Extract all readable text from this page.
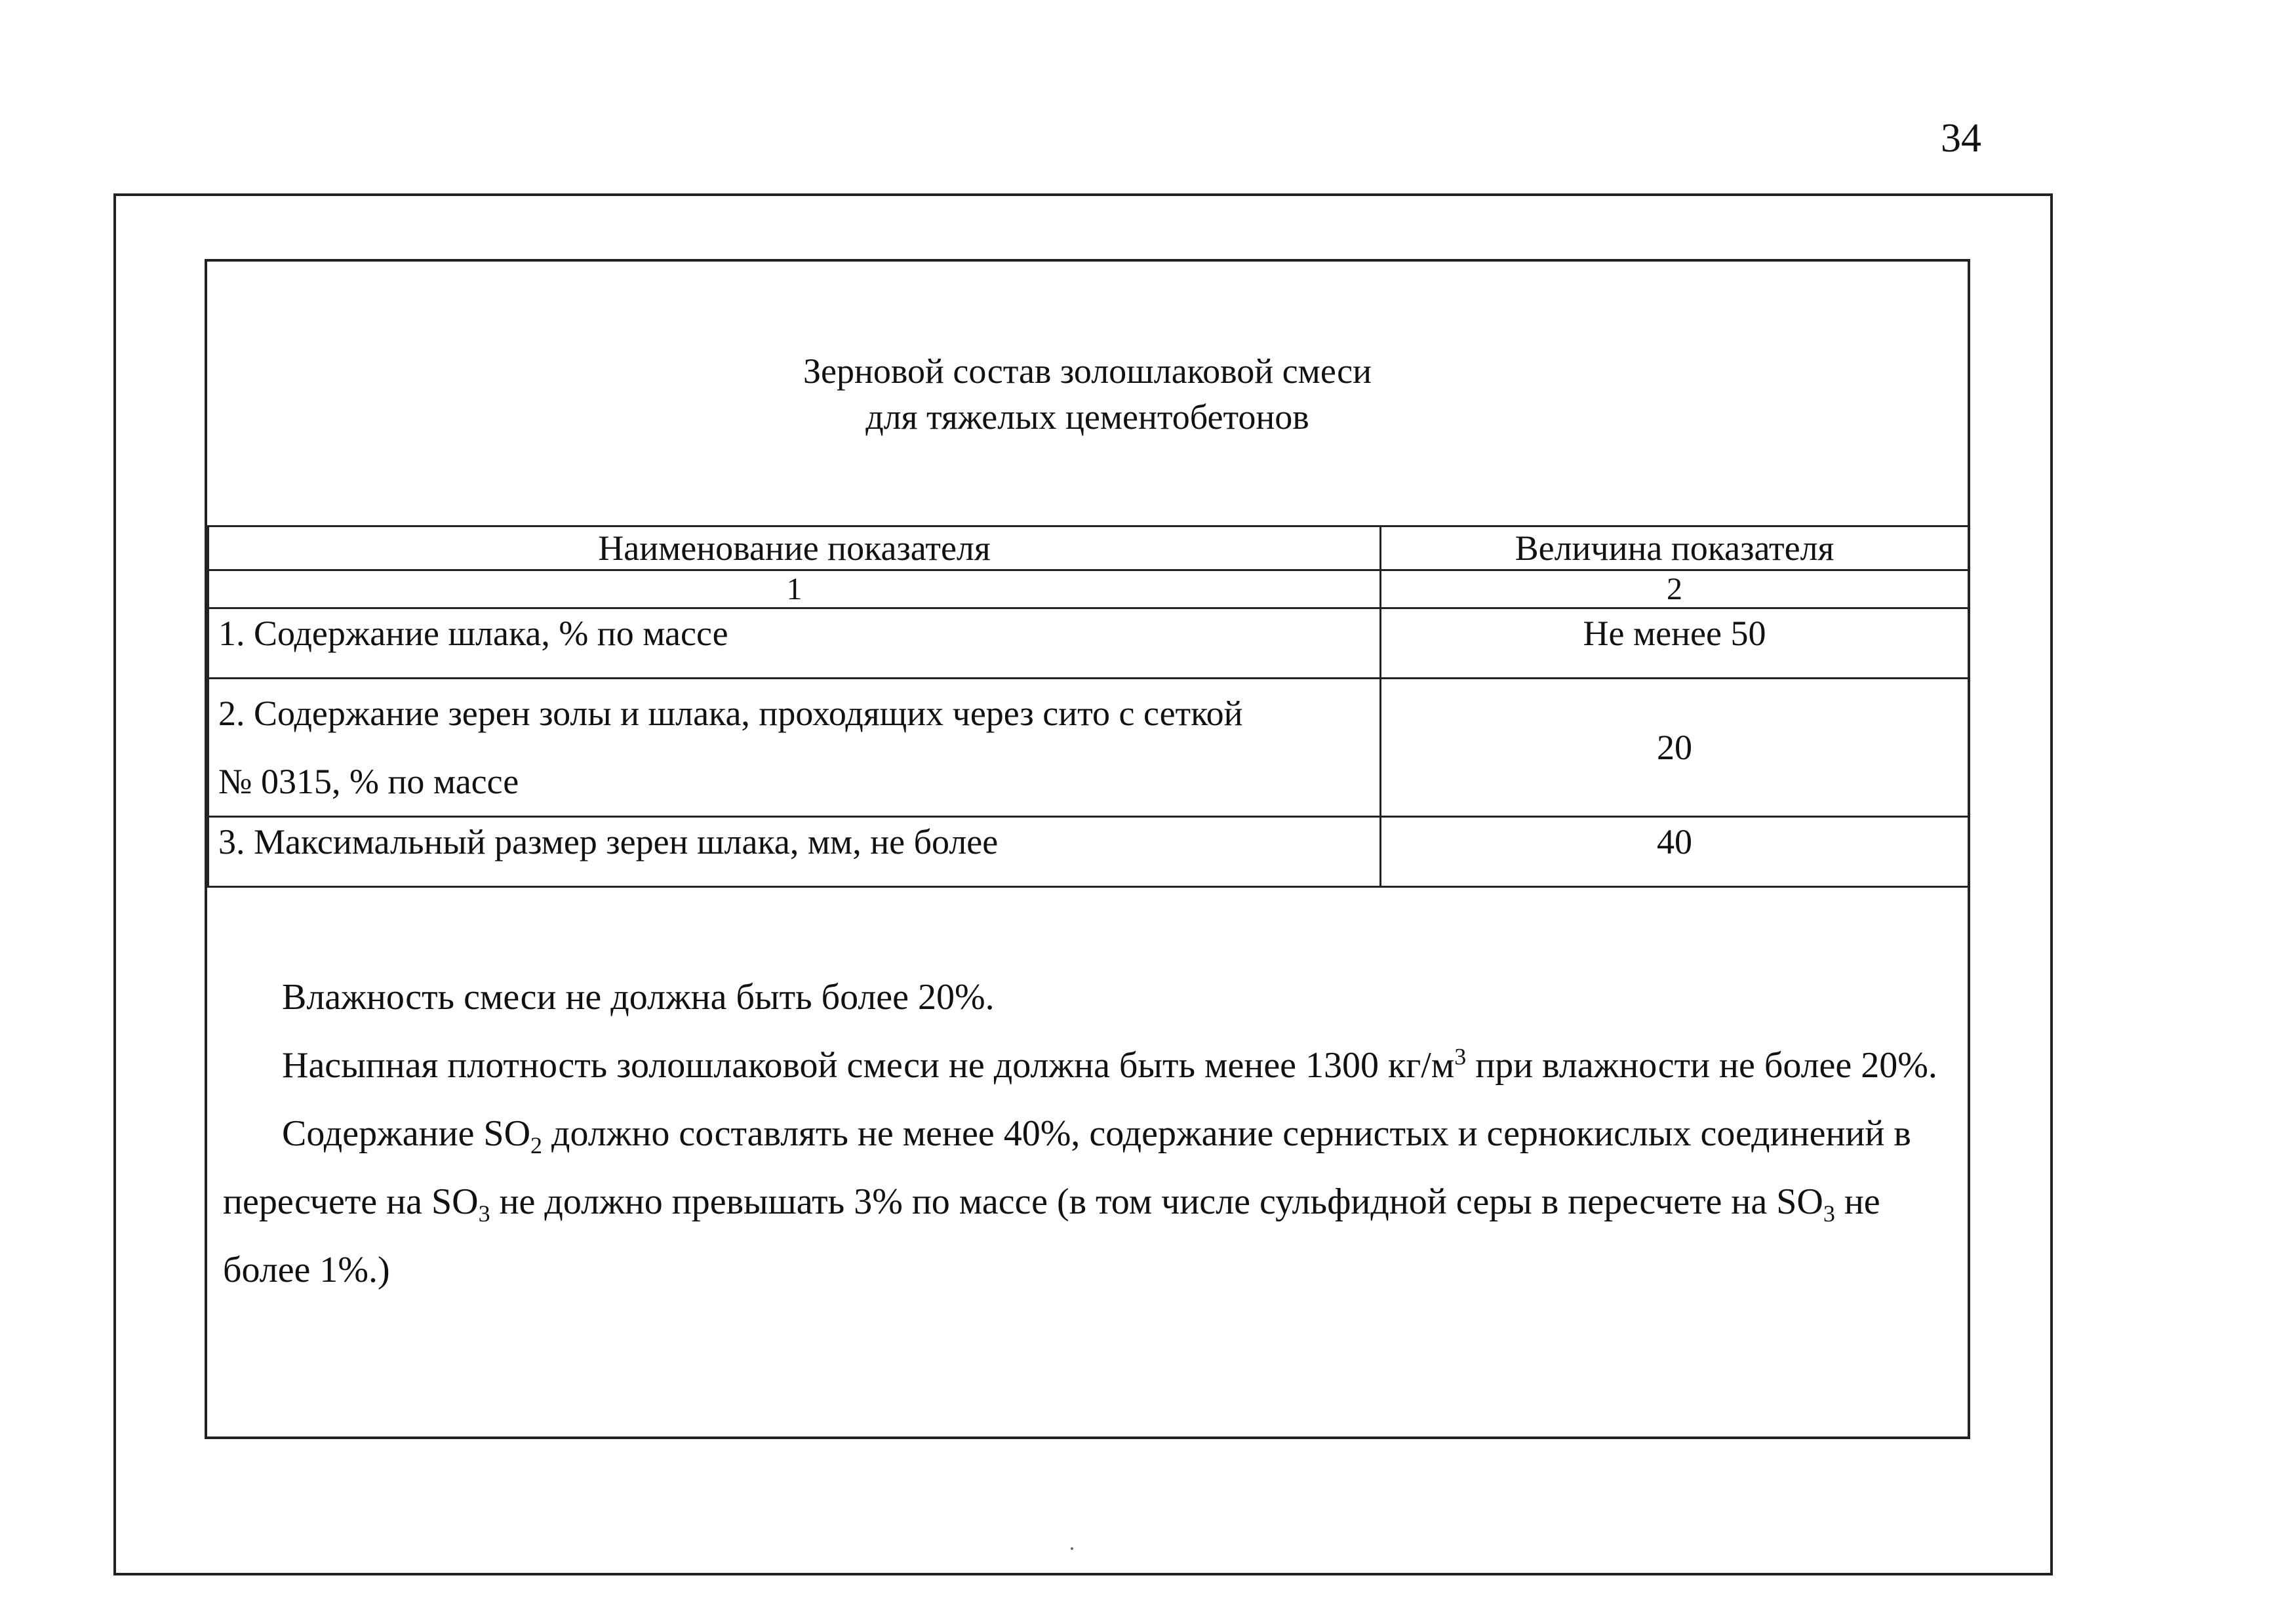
34
Зерновой состав золошлаковой смеси
для тяжелых цементобетонов
Наименование показателя	Величина показателя
1	2
1. Содержание шлака, % по массе	Не менее 50
2. Содержание зерен золы и шлака, проходящих через сито с сеткой
№ 0315, % по массе	20
3. Максимальный размер зерен шлака, мм, не более	40

Влажность смеси не должна быть более 20%.

Насыпная плотность золошлаковой смеси не должна быть менее 1300 $кг/м^3$ при влажности не более 20%.

Содержание $SO_2$ должно составлять не менее 40%, содержание сернистых и сернокислых соединений в пересчете на $SO_3$ не должно превышать 3% по массе (в том числе сульфидной серы в пересчете на $SO_3$ не более 1%.)
